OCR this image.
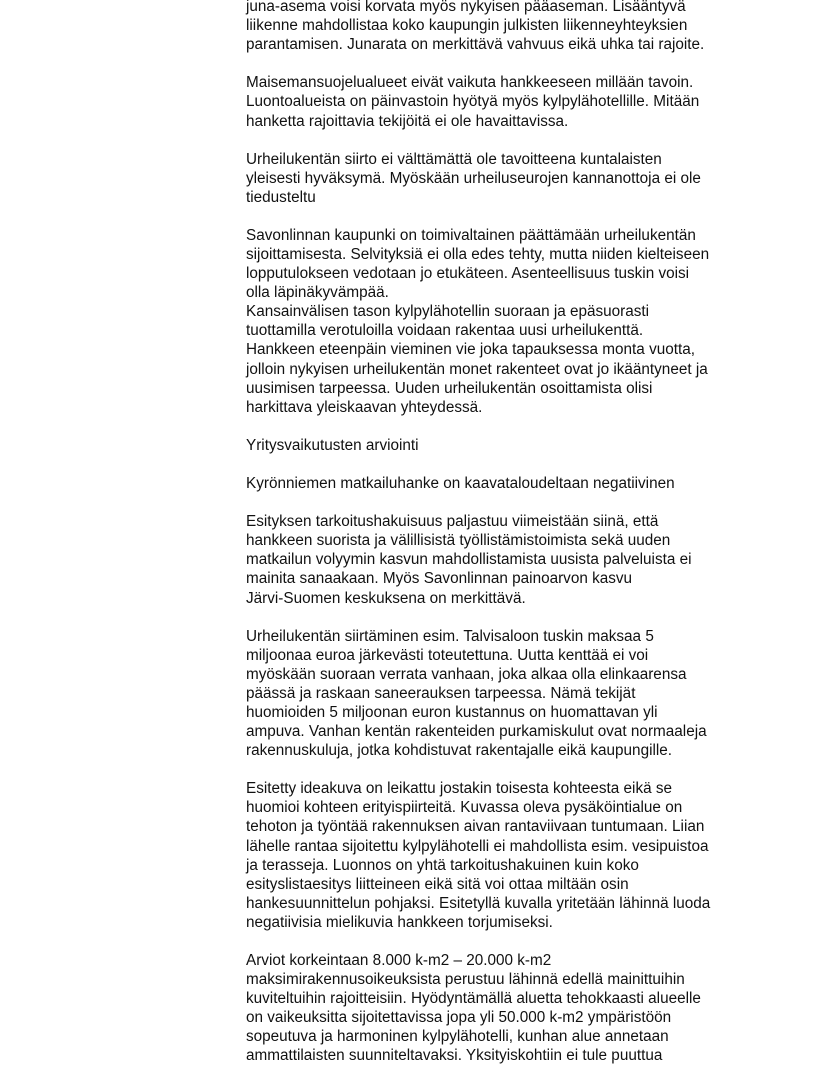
juna-asema voisi korvata myös nykyisen pääaseman. Lisääntyvä

liikenne mahdollistaa koko kaupungin julkisten liikenneyhteyksien

parantamisen. Junarata on merkittävä vahvuus eikä uhka tai rajoite.

Maisemansuojelualueet eivät vaikuta hankkeeseen millään tavoin.

Luontoalueista on päinvastoin hyötyä myös kylpylähotellille. Mitään

hanketta rajoittavia tekijöitä ei ole havaittavissa.

Urheilukentän siirto ei välttämättä ole tavoitteena kuntalaisten

yleisesti hyväksymä. Myöskään urheiluseurojen kannanottoja ei ole

tiedusteltu

Savonlinnan kaupunki on toimivaltainen päättämään urheilukentän

sijoittamisesta. Selvityksiä ei olla edes tehty, mutta niiden kielteiseen

lopputulokseen vedotaan jo etukäteen. Asenteellisuus tuskin voisi

olla läpinäkyvämpää.

Kansainvälisen tason kylpylähotellin suoraan ja epäsuorasti

tuottamilla verotuloilla voidaan rakentaa uusi urheilukenttä.

Hankkeen eteenpäin vieminen vie joka tapauksessa monta vuotta,

jolloin nykyisen urheilukentän monet rakenteet ovat jo ikääntyneet ja

uusimisen tarpeessa. Uuden urheilukentän osoittamista olisi

harkittava yleiskaavan yhteydessä.

Yritysvaikutusten arviointi

Kyrönniemen matkailuhanke on kaavataloudeltaan negatiivinen

Esityksen tarkoitushakuisuus paljastuu viimeistään siinä, että

hankkeen suorista ja välillisistä työllistämistoimista sekä uuden

matkailun volyymin kasvun mahdollistamista uusista palveluista ei

mainita sanaakaan. Myös Savonlinnan painoarvon kasvu

Järvi-Suomen keskuksena on merkittävä.

Urheilukentän siirtäminen esim. Talvisaloon tuskin maksaa 5

miljoonaa euroa järkevästi toteutettuna. Uutta kenttää ei voi

myöskään suoraan verrata vanhaan, joka alkaa olla elinkaarensa

päässä ja raskaan saneerauksen tarpeessa. Nämä tekijät

huomioiden 5 miljoonan euron kustannus on huomattavan yli

ampuva. Vanhan kentän rakenteiden purkamiskulut ovat normaaleja

rakennuskuluja, jotka kohdistuvat rakentajalle eikä kaupungille.

Esitetty ideakuva on leikattu jostakin toisesta kohteesta eikä se

huomioi kohteen erityispiirteitä. Kuvassa oleva pysäköintialue on

tehoton ja työntää rakennuksen aivan rantaviivaan tuntumaan. Liian

lähelle rantaa sijoitettu kylpylähotelli ei mahdollista esim. vesipuistoa

ja terasseja. Luonnos on yhtä tarkoitushakuinen kuin koko

esityslistaesitys liitteineen eikä sitä voi ottaa miltään osin

hankesuunnittelun pohjaksi. Esitetyllä kuvalla yritetään lähinnä luoda

negatiivisia mielikuvia hankkeen torjumiseksi.

Arviot korkeintaan 8.000 k-m2 – 20.000 k-m2

maksimirakennusoikeuksista perustuu lähinnä edellä mainittuihin

kuviteltuihin rajoitteisiin. Hyödyntämällä aluetta tehokkaasti alueelle

on vaikeuksitta sijoitettavissa jopa yli 50.000 k-m2 ympäristöön

sopeutuva ja harmoninen kylpylähotelli, kunhan alue annetaan

ammattilaisten suunniteltavaksi. Yksityiskohtiin ei tule puuttua
